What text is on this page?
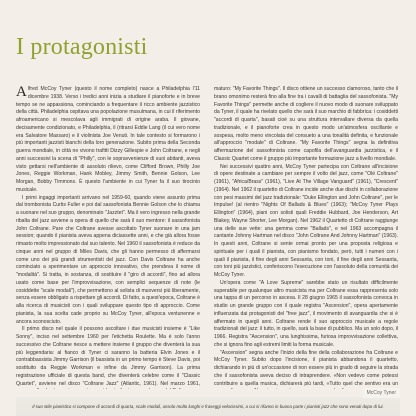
I protagonisti

Alfred McCoy Tyner (questo il nome completo) nasce a Philadelphia l'11 dicembre 1938. Verso i tredici anni inizia a studiare il pianoforte e in breve tempo se ne appassiona, cominciando a frequentare il ricco ambiente jazzistico della città. Philadelphia ospitava una popolazione musulmana, in cui il riferimento afroamericano si mescolava agli immigrati di origine araba. Il giovane, decisamente condizionato, e Philadelphia, il (ritrarsi Eddie Lang (il cui vero nome era Salvatore Massaro) e il violinista Joe Venuti. In tale contesto si formarono i più importanti jazzisti bianchi della loro generazione. Subito prima della Seconda guerra mondiale, in città ne vivono trafitti Dizzy Gillespie e John Coltrane, e negli anni successivi la scena di "Philly", con le sopravvenienze di suoi abitanti, aveva visto gettarsi nell'ambiente di assoluto rilievo, come Clifford Brown, Philly Joe Jones, Reggie Workman, Hank Mobley, Jimmy Smith, Bennie Golson, Lee Morgan, Bobby Timmons. È questo l'ambiente in cui Tyner fa il suo tirocinio musicale.

I primi ingaggi importanti arrivano nel 1959-60, quando viene assunto prima dal trombonista Curtis Fuller e poi dal sassofonista Bennie Golson che lo chiama a suonare nel suo gruppo, denominato "Jazztet". Ma il vero ingresso nella grande ribalta del jazz avviene a opera di quello che sarà il suo mentore: il sassofonista John Coltrane. Pare che Coltrane avesse ascoltato Tyner suonare in una jam session; quando il pianista aveva appena diciassette anni, e che già allora fosse rimasto molto impressionato dal suo talento. Nel 1960 il sassofonista è reduce da cinque anni nel gruppo di Miles Davis, che gli hanno permesso di affermarsi come uno dei più grandi strumentisti del jazz. Con Davis Coltrane ha anche cominciato a sperimentare un approccio innovativo, che prendeva il nome di "modalità". Si tratta, in sostanza, di sostituire il "giro di accordi", fino ad allora usato come base per l'improvvisazione, con semplici sequenze di note (le cosiddette "scale modali"), che permettono al solista di muoversi più liberamente, senza essere obbligato a rispettare gli accordi. Di fatto, a quest'epoca, Coltrane è alla ricerca di musicisti con i quali sviluppare questo tipo di approccio. Come pianista, la sua scelta cade proprio su McCoy Tyner, all'epoca ventunenne e ancora sconosciuto.

Il primo disco nel quale il possono ascoltare i due musicisti insieme è "Like Sonny", inciso nel settembre 1960 per l'etichetta Roulette. Ma è solo l'anno successivo che Coltrane riesce a mettere insieme il gruppo che diventerà la sua più leggendaria: al fianco di Tyner ci saranno la batteria Elvin Jones e il contrabbassista Jimmy Garrison (il bassista in un primo tempo è Steve Davis, poi sostituito da Reggie Workman e infine da Jimmy Garrison). La prima registrazione ufficiale di questa band, che diventerà celebre come il "Classic Quartet", avviene nel disco "Coltrane Jazz" (Atlantic, 1961). Nel marzo 1961,

maturo: "My Favorite Things". Il disco ottiene un successo clamoroso, tanto che il brano omonimo resterà fino alla fine tra i cavalli di battaglia del sassofonista. "My Favorite Things" permette anche di cogliere il nuovo modo di suonare sviluppato da Tyner, il quale ha rivelato quello che sarà il suo marchio di fabbrica: i cosiddetti "accordi di quarta", basati cioè su una struttura intervallare diversa da quella tradizionale, e il pianoforte crea in questo modo un'atmosfera oscillante e sospesa, molto meno vincolata del consueto a una tonalità definita, e funzionale all'approccio "modale" di Coltrane. "My Favorite Things" segna la definitiva affermazione del sassofonista come capofila dell'avanguardia jazzistica, e il Classic Quartet come il gruppo più importante formazione jazz a livello mondiale.

Nei successivi quattro anni, McCoy Tyner partecipa con Coltrane all'incisione di opere destinate a cambiare per sempre il volto del jazz, come "Olé Coltrane" (1961), "Africa/Brass" (1961), "Live At The Village Vanguard" (1961), "Crescent" (1964). Nel 1962 il quartetto di Coltrane incide anche due dischi in collaborazione con pesi massimi del jazz tradizionale: "Duke Ellington and John Coltrane", per le Impulse! (al rientro "Nights Of Ballads & Blues" (1963); "McCoy Tyner Plays Ellington" (1964), piani con solisti quali Freddie Hubbard, Joe Henderson, Art Blakey, Wayne Shorter, Lee Morgan). Nel 1962 il Quartetto di Coltrane raggiunge una delle sue vette: una gemma come "Ballads", e nel 1963 accompagna il cantante Johnny Hartman nel disco "John Coltrane And Johnny Hartman" (1963). In questi anni, Coltrane si sente ormai pronto per una proposta religiosa e spirituale per i quali il pianista, con pianismo fondato, però, tutti i numeri con i quali il pianista, il fine degli anni Sessanta, con toni, il fine degli anni Sessanta, con toni più jazzistici, conferiscono l'esecuzione con l'assoluto della comunità dei McCoy Tyner.

Un'opera come "A Love Supreme" sarebbe stato un risultato difficilmente superabile per qualunque altro musicista ma per Coltrane essa rappresenta solo una tappa di un percorso in ascesa. Il 28 giugno 1965 il sassofonista convoca in studio un grande gruppo con il quale registra "Ascension", opera apertamente influenzata dai protagonisti del "free jazz", il movimento di avanguardia che si è affermato in quegli anni. Coltrane rende il suo approccio musicale a regole tradizionali del jazz: il tutto, in quello, sarà la base di pubblico. Ma un solo dopo, il 1966. Registra "Ascension", una lunghissima, furiosa improvvisazione collettiva, che si ignora fino agli estremi limiti la forma musicale.

"Ascension" segna anche l'inizio della fine della collaborazione fra Coltrane e McCoy Tyner. Subito dopo l'incisione, il pianista abbandona il quartetto, dichiarando in più di un'occasione di non essere più in grado di seguire la strada che il sassofonista aveva deciso di intraprendere. «Non vedevo come potessi contribuire a quella musica, dichiarerà più tardi, «Tutto quel che sentivo era un

Il suo stile pianistico si compone di accordi di quarta, scale modali, assolo molto lunghi e fraseggi velocissimi, a cui si rifanno in buona parte i pianisti jazz che sono venuti dopo di lui.
McCoy Tyner
